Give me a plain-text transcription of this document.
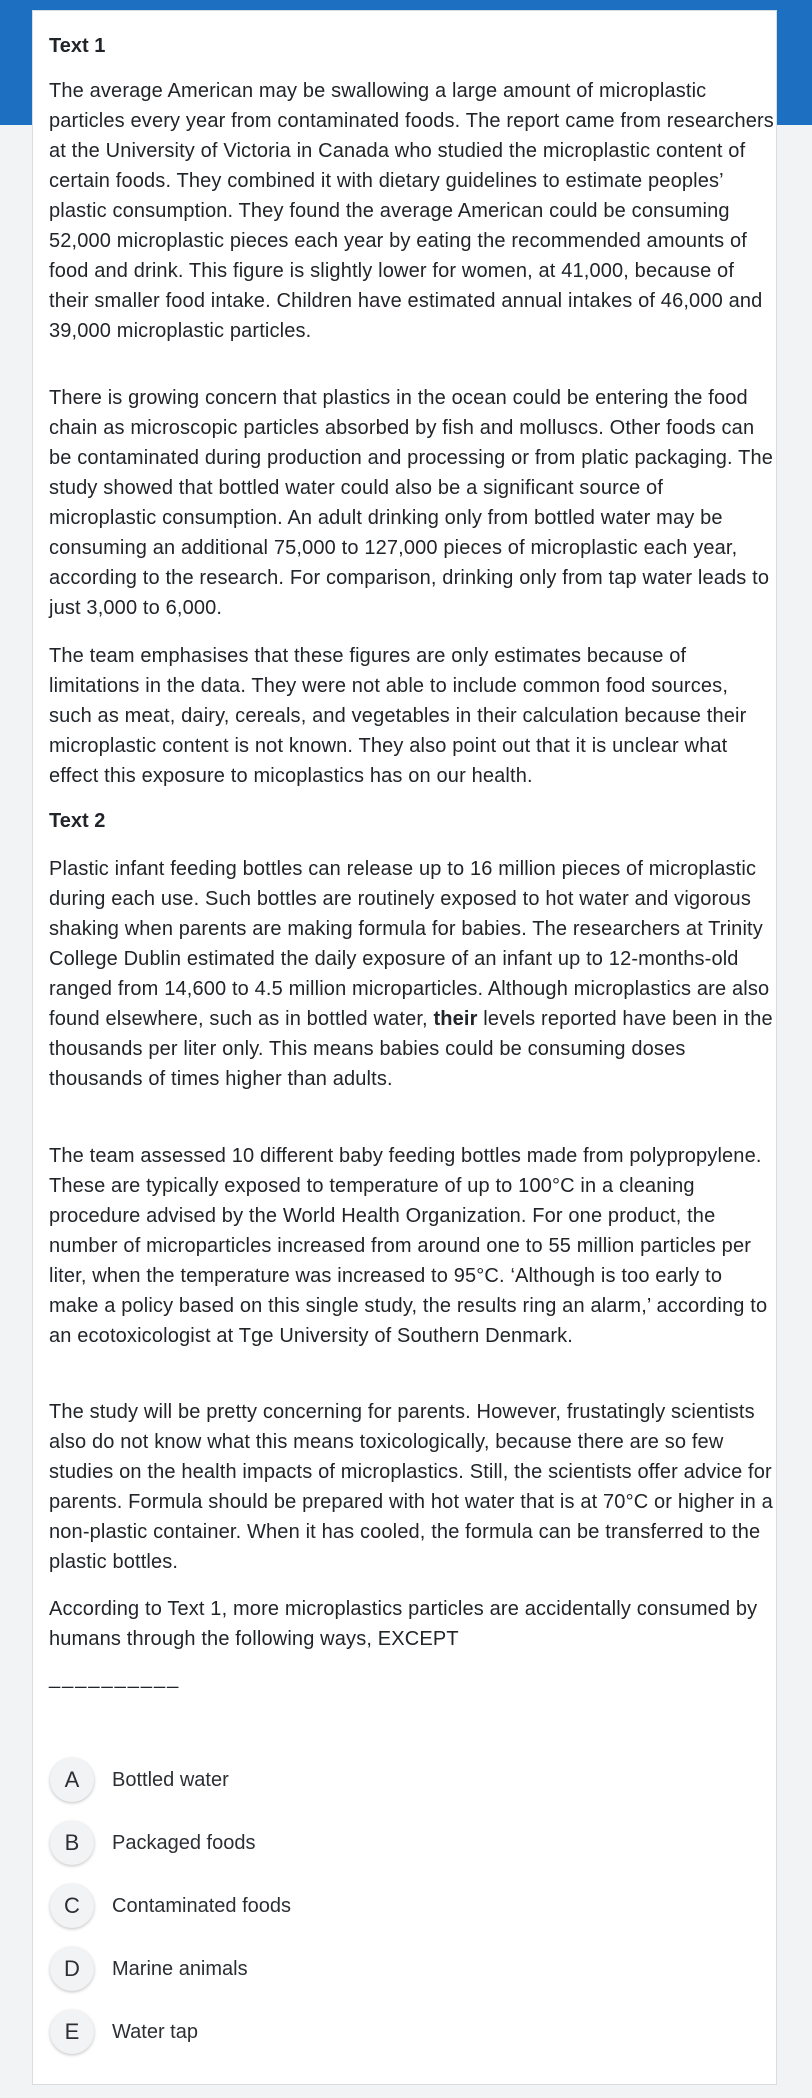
Text 1

The average American may be swallowing a large amount of microplastic particles every year from contaminated foods. The report came from researchers at the University of Victoria in Canada who studied the microplastic content of certain foods. They combined it with dietary guidelines to estimate peoples’ plastic consumption. They found the average American could be consuming 52,000 microplastic pieces each year by eating the recommended amounts of food and drink. This figure is slightly lower for women, at 41,000, because of their smaller food intake. Children have estimated annual intakes of 46,000 and 39,000 microplastic particles.

There is growing concern that plastics in the ocean could be entering the food chain as microscopic particles absorbed by fish and molluscs. Other foods can be contaminated during production and processing or from platic packaging. The study showed that bottled water could also be a significant source of microplastic consumption. An adult drinking only from bottled water may be consuming an additional 75,000 to 127,000 pieces of microplastic each year, according to the research. For comparison, drinking only from tap water leads to just 3,000 to 6,000.

The team emphasises that these figures are only estimates because of limitations in the data. They were not able to include common food sources, such as meat, dairy, cereals, and vegetables in their calculation because their microplastic content is not known. They also point out that it is unclear what effect this exposure to micoplastics has on our health.

Text 2

Plastic infant feeding bottles can release up to 16 million pieces of microplastic during each use. Such bottles are routinely exposed to hot water and vigorous shaking when parents are making formula for babies. The researchers at Trinity College Dublin estimated the daily exposure of an infant up to 12-months-old ranged from 14,600 to 4.5 million microparticles. Although microplastics are also found elsewhere, such as in bottled water, their levels reported have been in the thousands per liter only. This means babies could be consuming doses thousands of times higher than adults.

The team assessed 10 different baby feeding bottles made from polypropylene. These are typically exposed to temperature of up to 100°C in a cleaning procedure advised by the World Health Organization. For one product, the number of microparticles increased from around one to 55 million particles per liter, when the temperature was increased to 95°C. ‘Although is too early to make a policy based on this single study, the results ring an alarm,’ according to an ecotoxicologist at Tge University of Southern Denmark.

The study will be pretty concerning for parents. However, frustatingly scientists also do not know what this means toxicologically, because there are so few studies on the health impacts of microplastics. Still, the scientists offer advice for parents. Formula should be prepared with hot water that is at 70°C or higher in a non-plastic container. When it has cooled, the formula can be transferred to the plastic bottles.

According to Text 1, more microplastics particles are accidentally consumed by humans through the following ways, EXCEPT

__________

A	Bottled water
B	Packaged foods
C	Contaminated foods
D	Marine animals
E	Water tap
